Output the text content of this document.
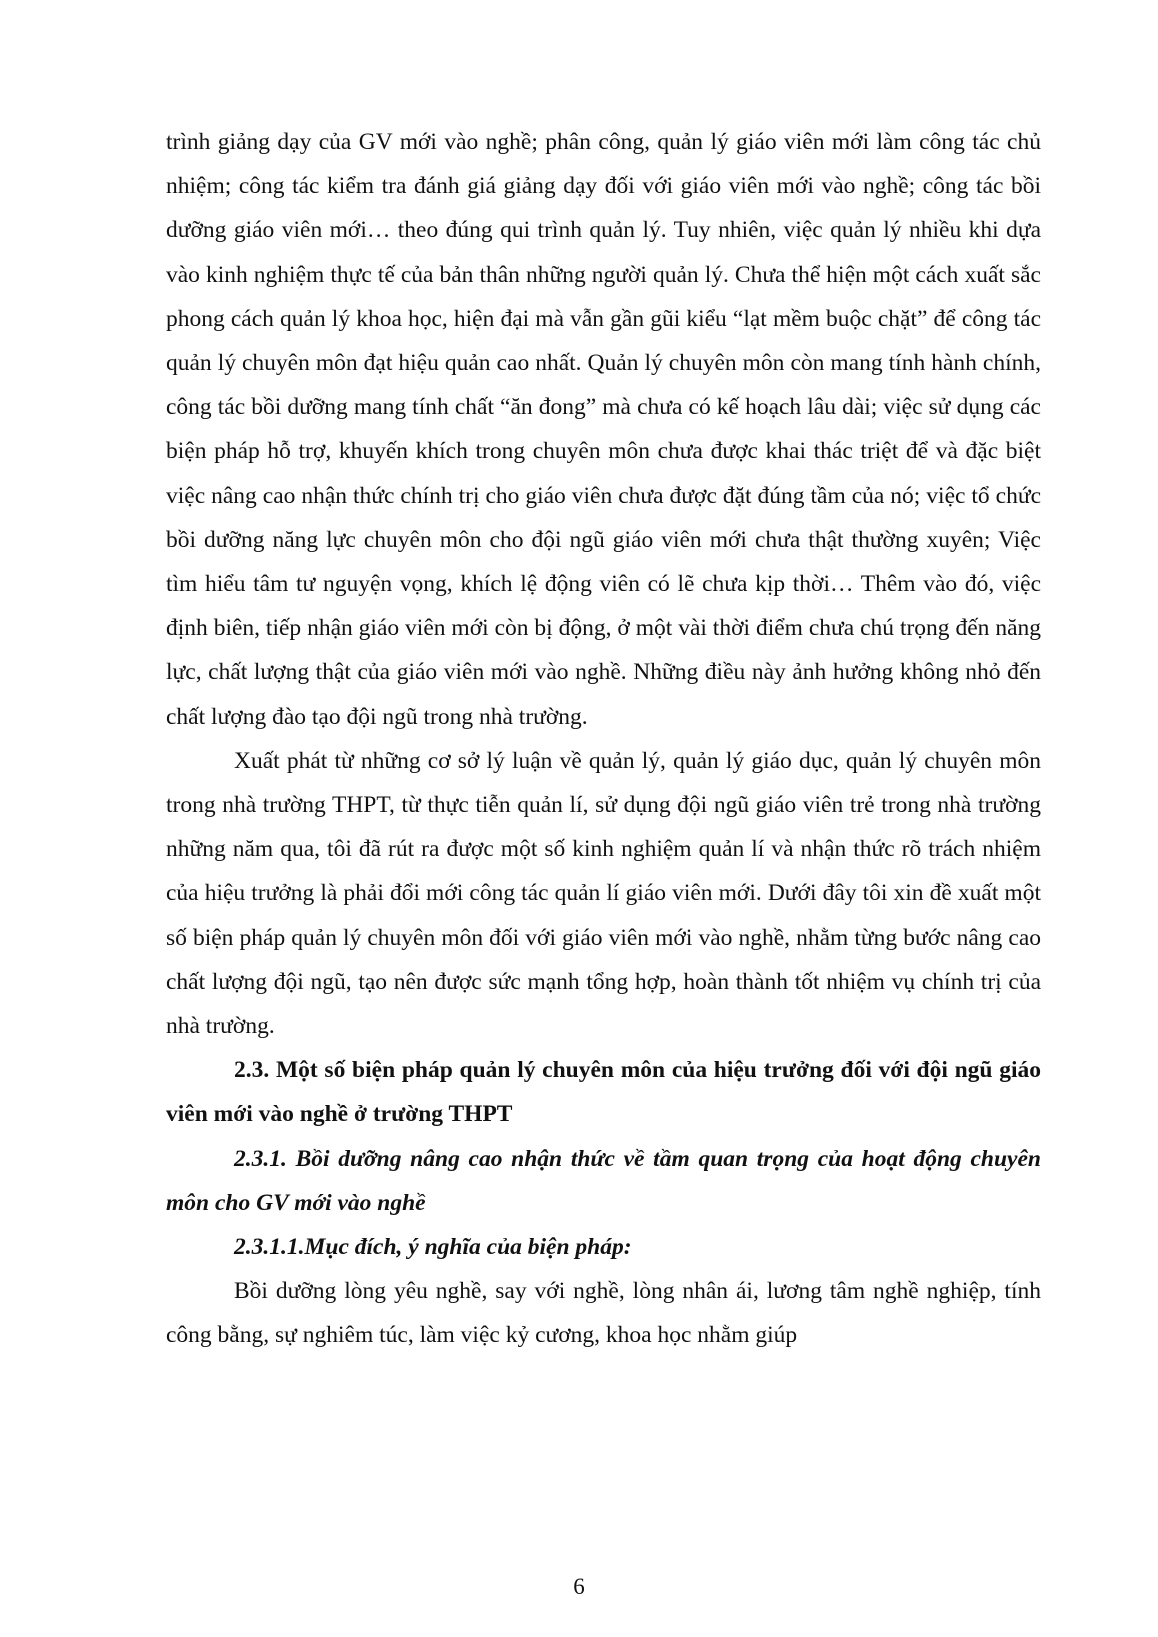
trình giảng dạy của GV mới vào nghề; phân công, quản lý giáo viên mới làm công tác chủ nhiệm; công tác kiểm tra đánh giá giảng dạy đối với giáo viên mới vào nghề; công tác bồi dưỡng giáo viên mới… theo đúng qui trình quản lý. Tuy nhiên, việc quản lý nhiều khi dựa vào kinh nghiệm thực tế của bản thân những người quản lý. Chưa thể hiện một cách xuất sắc phong cách quản lý khoa học, hiện đại mà vẫn gần gũi kiểu “lạt mềm buộc chặt” để công tác quản lý chuyên môn đạt hiệu quản cao nhất. Quản lý chuyên môn còn mang tính hành chính, công tác bồi dưỡng mang tính chất “ăn đong” mà chưa có kế hoạch lâu dài; việc sử dụng các biện pháp hỗ trợ, khuyến khích trong chuyên môn chưa được khai thác triệt để và đặc biệt việc nâng cao nhận thức chính trị cho giáo viên chưa được đặt đúng tầm của nó; việc tổ chức bồi dưỡng năng lực chuyên môn cho đội ngũ giáo viên mới chưa thật thường xuyên; Việc tìm hiểu tâm tư nguyện vọng, khích lệ động viên có lẽ chưa kịp thời… Thêm vào đó, việc định biên, tiếp nhận giáo viên mới còn bị động, ở một vài thời điểm chưa chú trọng đến năng lực, chất lượng thật của giáo viên mới vào nghề. Những điều này ảnh hưởng không nhỏ đến chất lượng đào tạo đội ngũ trong nhà trường.

Xuất phát từ những cơ sở lý luận về quản lý, quản lý giáo dục, quản lý chuyên môn trong nhà trường THPT, từ thực tiễn quản lí, sử dụng đội ngũ giáo viên trẻ trong nhà trường những năm qua, tôi đã rút ra được một số kinh nghiệm quản lí và nhận thức rõ trách nhiệm của hiệu trưởng là phải đổi mới công tác quản lí giáo viên mới. Dưới đây tôi xin đề xuất một số biện pháp quản lý chuyên môn đối với giáo viên mới vào nghề, nhằm từng bước nâng cao chất lượng đội ngũ, tạo nên được sức mạnh tổng hợp, hoàn thành tốt nhiệm vụ chính trị của nhà trường.

2.3. Một số biện pháp quản lý chuyên môn của hiệu trưởng đối với đội ngũ giáo viên mới vào nghề ở trường THPT

2.3.1. Bồi dưỡng nâng cao nhận thức về tầm quan trọng của hoạt động chuyên môn cho GV mới vào nghề

2.3.1.1.Mục đích, ý nghĩa của biện pháp:

Bồi dưỡng lòng yêu nghề, say với nghề, lòng nhân ái, lương tâm nghề nghiệp, tính công bằng, sự nghiêm túc, làm việc kỷ cương, khoa học nhằm giúp

6
